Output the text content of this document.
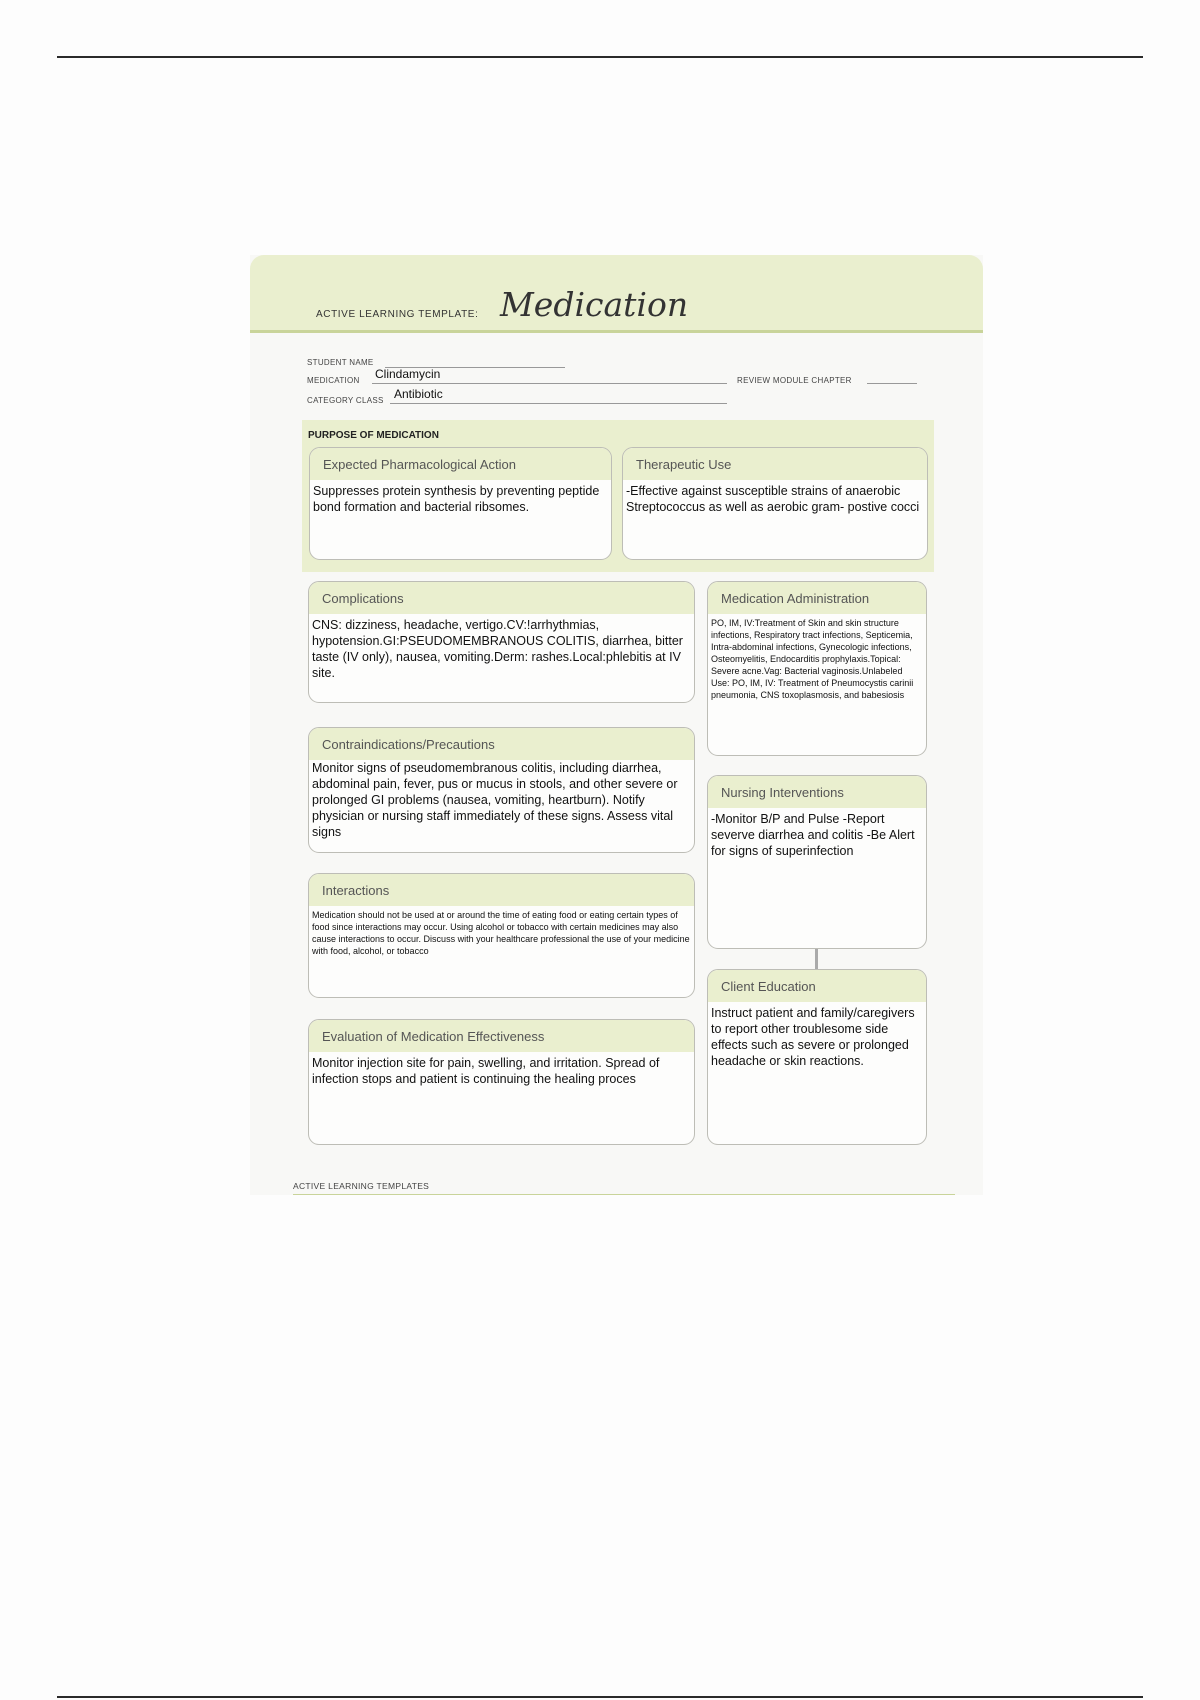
ACTIVE LEARNING TEMPLATE: Medication
STUDENT NAME
MEDICATION Clindamycin	REVIEW MODULE CHAPTER
CATEGORY CLASS Antibiotic
PURPOSE OF MEDICATION
Expected Pharmacological Action
Suppresses protein synthesis by preventing peptide bond formation and bacterial ribsomes.
Therapeutic Use
-Effective against susceptible strains of anaerobic Streptococcus as well as aerobic gram- postive cocci
Complications
CNS: dizziness, headache, vertigo.CV:!arrhythmias, hypotension.GI:PSEUDOMEMBRANOUS COLITIS, diarrhea, bitter taste (IV only), nausea, vomiting.Derm: rashes.Local:phlebitis at IV site.
Contraindications/Precautions
Monitor signs of pseudomembranous colitis, including diarrhea, abdominal pain, fever, pus or mucus in stools, and other severe or prolonged GI problems (nausea, vomiting, heartburn). Notify physician or nursing staff immediately of these signs. Assess vital signs
Interactions
Medication should not be used at or around the time of eating food or eating certain types of food since interactions may occur. Using alcohol or tobacco with certain medicines may also cause interactions to occur. Discuss with your healthcare professional the use of your medicine with food, alcohol, or tobacco
Evaluation of Medication Effectiveness
Monitor injection site for pain, swelling, and irritation. Spread of infection stops and patient is continuing the healing proces
Medication Administration
PO, IM, IV:Treatment of Skin and skin structure infections, Respiratory tract infections, Septicemia, Intra-abdominal infections, Gynecologic infections, Osteomyelitis, Endocarditis prophylaxis.Topical: Severe acne.Vag: Bacterial vaginosis.Unlabeled Use: PO, IM, IV: Treatment of Pneumocystis carinii pneumonia, CNS toxoplasmosis, and babesiosis
Nursing Interventions
-Monitor B/P and Pulse -Report severve diarrhea and colitis -Be Alert for signs of superinfection
Client Education
Instruct patient and family/caregivers to report other troublesome side effects such as severe or prolonged headache or skin reactions.
ACTIVE LEARNING TEMPLATES
